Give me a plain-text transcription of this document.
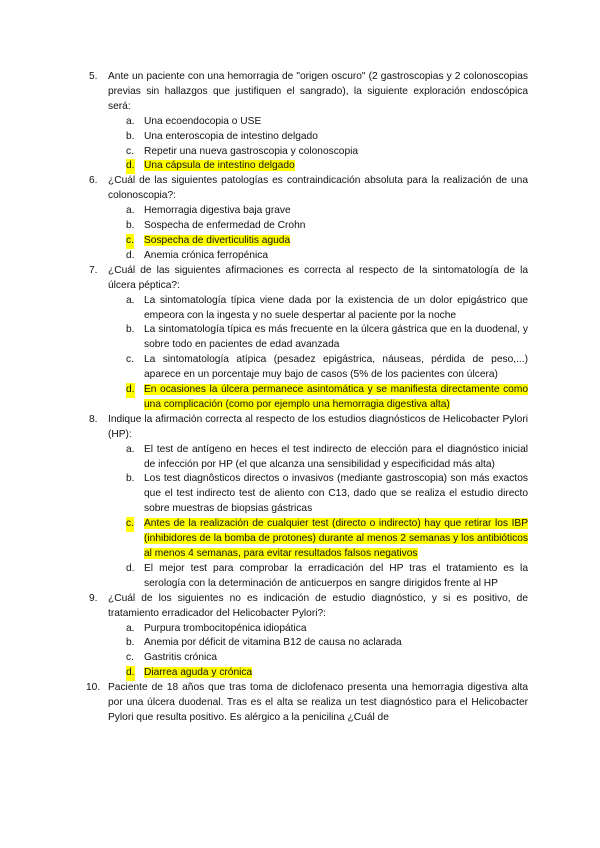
5. Ante un paciente con una hemorragia de "origen oscuro" (2 gastroscopias y 2 colonoscopias previas sin hallazgos que justifiquen el sangrado), la siguiente exploración endoscópica será:
a. Una ecoendocopia o USE
b. Una enteroscopia de intestino delgado
c. Repetir una nueva gastroscopia y colonoscopia
d. Una cápsula de intestino delgado
6. ¿Cuál de las siguientes patologías es contraindicación absoluta para la realización de una colonoscopia?:
a. Hemorragia digestiva baja grave
b. Sospecha de enfermedad de Crohn
c. Sospecha de diverticulitis aguda
d. Anemia crónica ferropénica
7. ¿Cuál de las siguientes afirmaciones es correcta al respecto de la sintomatología de la úlcera péptica?:
a. La sintomatología típica viene dada por la existencia de un dolor epigástrico que empeora con la ingesta y no suele despertar al paciente por la noche
b. La sintomatología típica es más frecuente en la úlcera gástrica que en la duodenal, y sobre todo en pacientes de edad avanzada
c. La sintomatología atípica (pesadez epigástrica, náuseas, pérdida de peso,...) aparece en un porcentaje muy bajo de casos (5% de los pacientes con úlcera)
d. En ocasiones la úlcera permanece asintomática y se manifiesta directamente como una complicación (como por ejemplo una hemorragia digestiva alta)
8. Indique la afirmación correcta al respecto de los estudios diagnósticos de Helicobacter Pylori (HP):
a. El test de antígeno en heces el test indirecto de elección para el diagnóstico inicial de infección por HP (el que alcanza una sensibilidad y especificidad más alta)
b. Los test diagnôsticos directos o invasivos (mediante gastroscopia) son más exactos que el test indirecto test de aliento con C13, dado que se realiza el estudio directo sobre muestras de biopsias gástricas
c. Antes de la realización de cualquier test (directo o indirecto) hay que retirar los IBP (inhibidores de la bomba de protones) durante al menos 2 semanas y los antibióticos al menos 4 semanas, para evitar resultados falsos negativos
d. El mejor test para comprobar la erradicación del HP tras el tratamiento es la serología con la determinación de anticuerpos en sangre dirigidos frente al HP
9. ¿Cuál de los siguientes no es indicación de estudio diagnóstico, y si es positivo, de tratamiento erradicador del Helicobacter Pylori?:
a. Purpura trombocitopénica idiopática
b. Anemia por déficit de vitamina B12 de causa no aclarada
c. Gastritis crónica
d. Diarrea aguda y crónica
10. Paciente de 18 años que tras toma de diclofenaco presenta una hemorragia digestiva alta por una úlcera duodenal. Tras es el alta se realiza un test diagnóstico para el Helicobacter Pylori que resulta positivo. Es alérgico a la penicilina ¿Cuál de
